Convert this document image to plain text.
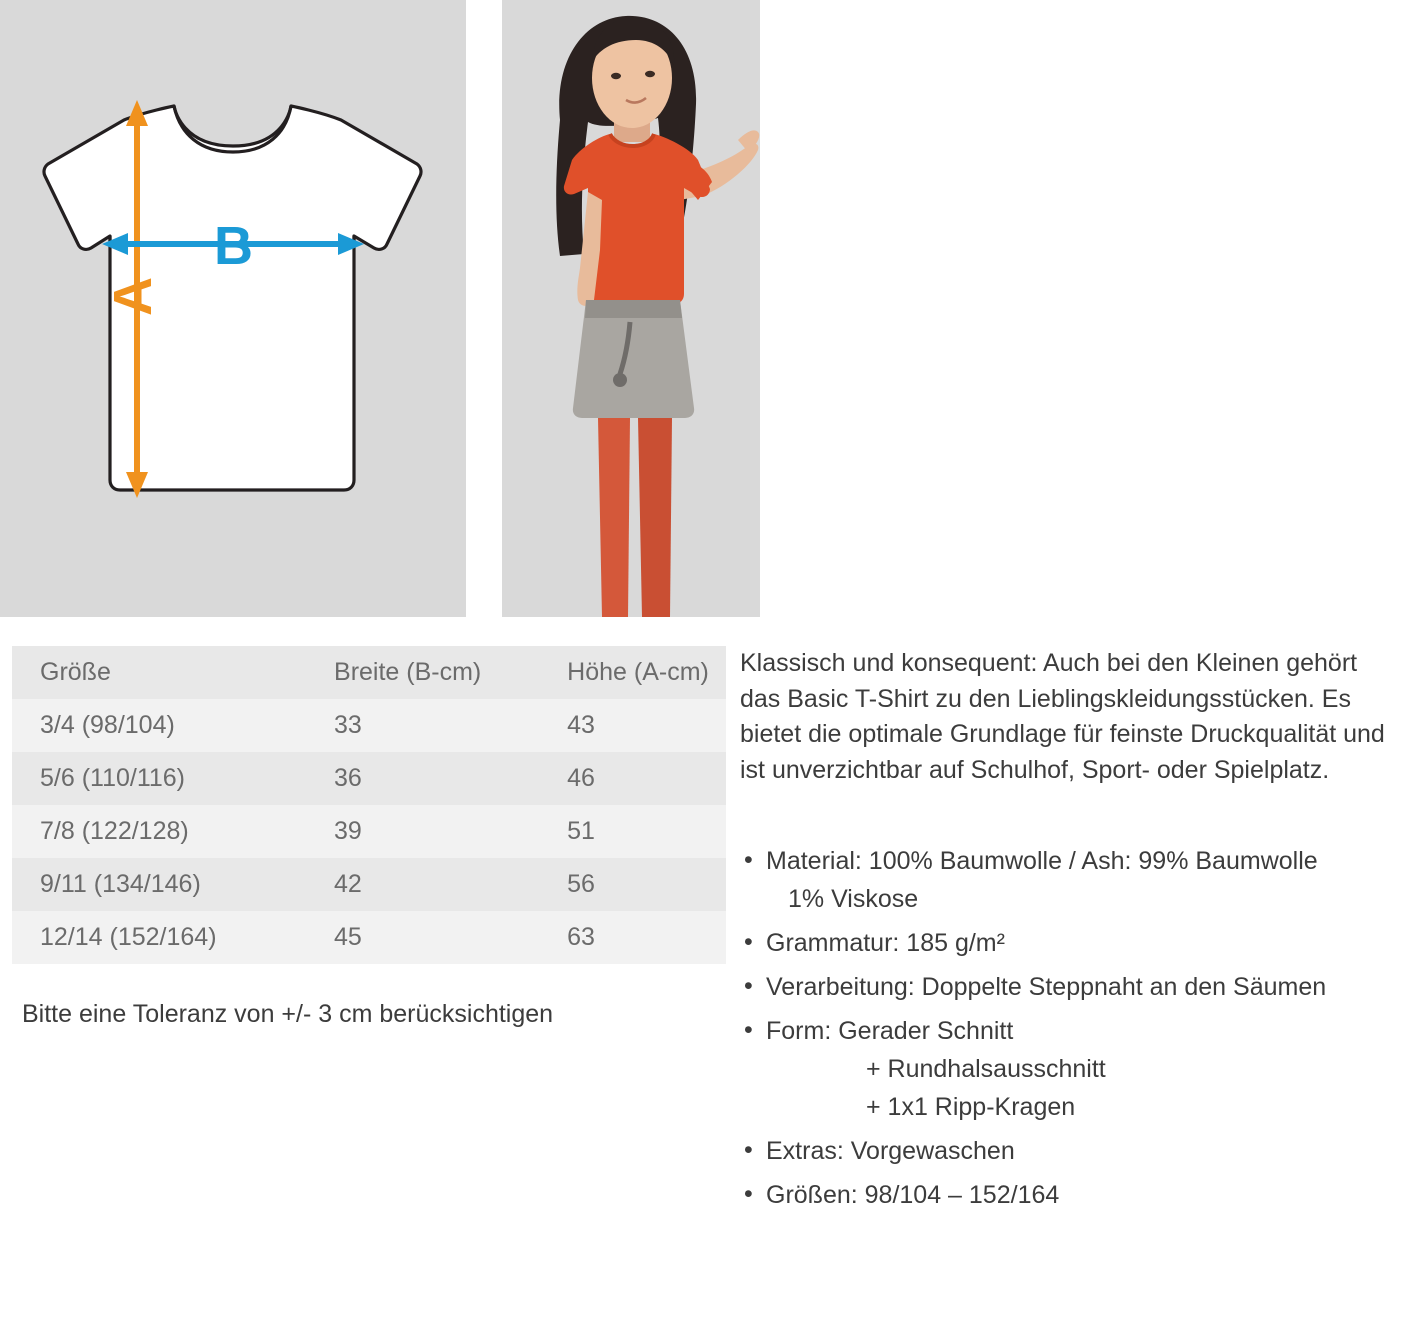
A
B
Größe	Breite (B-cm)	Höhe (A-cm)
3/4 (98/104)	33	43
5/6 (110/116)	36	46
7/8 (122/128)	39	51
9/11 (134/146)	42	56
12/14 (152/164)	45	63
Bitte eine Toleranz von +/- 3 cm berücksichtigen

Klassisch und konsequent: Auch bei den Kleinen gehört das Basic T-Shirt zu den Lieblingskleidungsstücken. Es bietet die optimale Grundlage für feinste Druckqualität und ist unverzichtbar auf Schulhof, Sport- oder Spielplatz.

• Material: 100% Baumwolle / Ash: 99% Baumwolle
1% Viskose
• Grammatur: 185 g/m²
• Verarbeitung: Doppelte Steppnaht an den Säumen
• Form: Gerader Schnitt
+ Rundhalsausschnitt
+ 1x1 Ripp-Kragen
• Extras: Vorgewaschen
• Größen: 98/104 – 152/164
